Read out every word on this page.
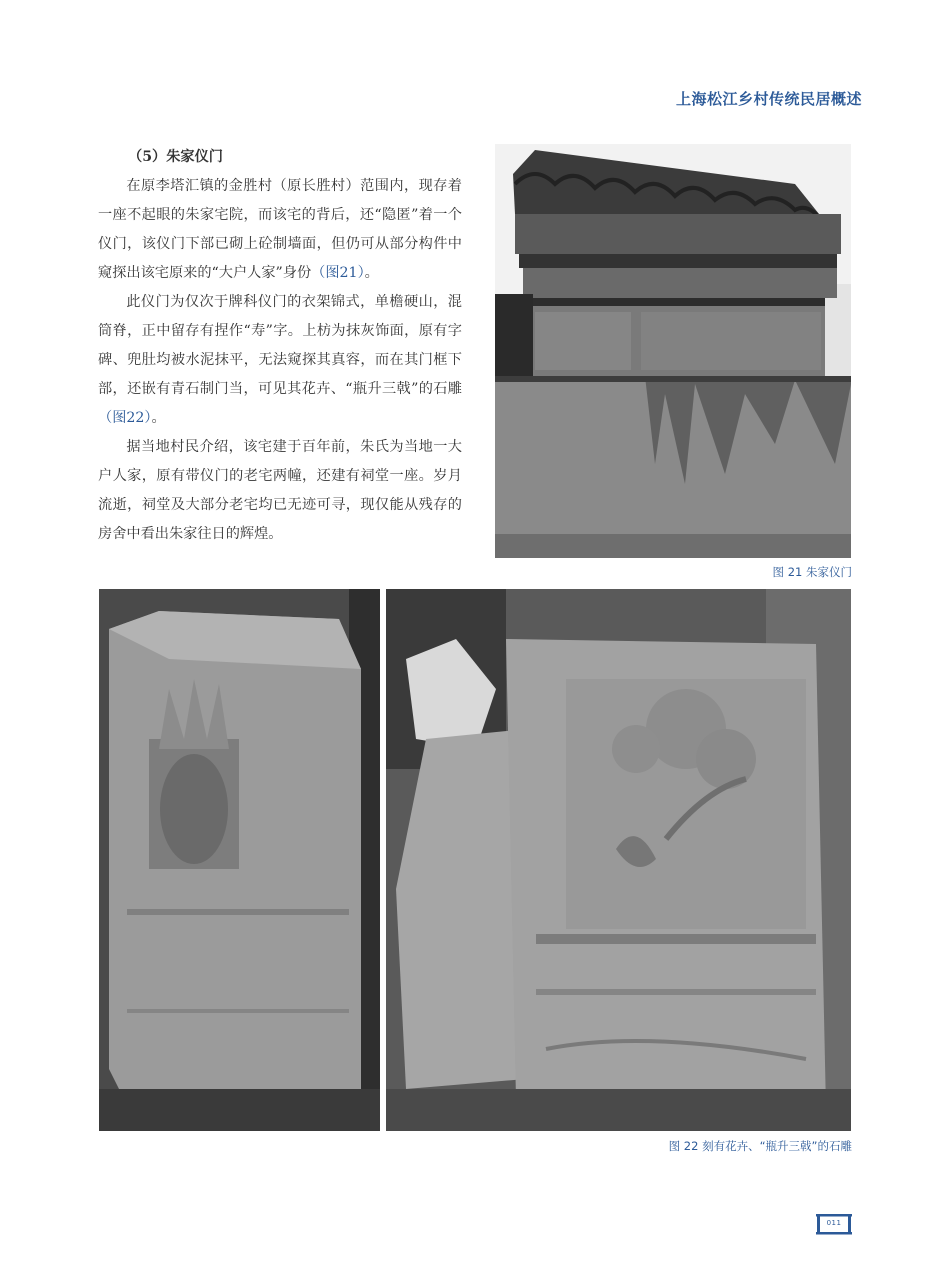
上海松江乡村传统民居概述

（5）朱家仪门

在原李塔汇镇的金胜村（原长胜村）范围内，现存着一座不起眼的朱家宅院，而该宅的背后，还“隐匿”着一个仪门，该仪门下部已砌上砼制墙面，但仍可从部分构件中窥探出该宅原来的“大户人家”身份（图21）。

此仪门为仅次于牌科仪门的衣架锦式，单檐硬山，混筒脊，正中留存有捏作“寿”字。上枋为抹灰饰面，原有字碑、兜肚均被水泥抹平，无法窥探其真容，而在其门框下部，还嵌有青石制门当，可见其花卉、“瓶升三戟”的石雕（图22）。

据当地村民介绍，该宅建于百年前，朱氏为当地一大户人家，原有带仪门的老宅两幢，还建有祠堂一座。岁月流逝，祠堂及大部分老宅均已无迹可寻，现仅能从残存的房舍中看出朱家往日的辉煌。

图 21 朱家仪门
图 22 刻有花卉、“瓶升三戟”的石雕
011
